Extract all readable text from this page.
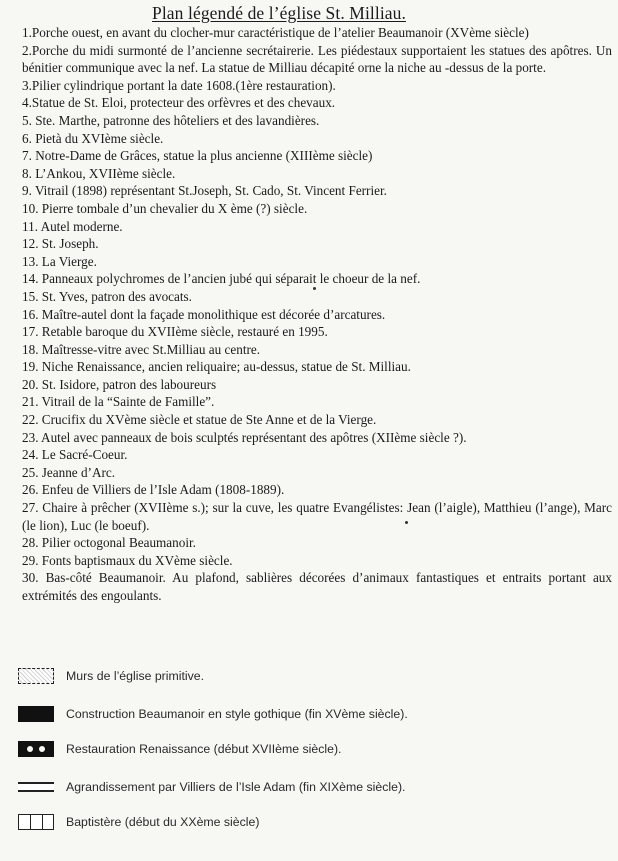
Plan légendé de l’église St. Milliau.
1.Porche ouest, en avant du clocher-mur caractéristique de l’atelier Beaumanoir (XVème siècle)
2.Porche du midi surmonté de l’ancienne secrétairerie. Les piédestaux supportaient les statues des apôtres. Un bénitier communique avec la nef. La statue de Milliau décapité orne la niche au -dessus de la porte.
3.Pilier cylindrique portant la date 1608.(1ère restauration).
4.Statue de St. Eloi, protecteur des orfèvres et des chevaux.
5. Ste. Marthe, patronne des hôteliers et des lavandières.
6. Pietà du XVIème siècle.
7. Notre-Dame de Grâces, statue la plus ancienne (XIIIème siècle)
8. L’Ankou, XVIIème siècle.
9. Vitrail (1898) représentant St.Joseph, St. Cado, St. Vincent Ferrier.
10. Pierre tombale d’un chevalier du X ème (?) siècle.
11. Autel moderne.
12. St. Joseph.
13. La Vierge.
14. Panneaux polychromes de l’ancien jubé qui séparait le choeur de la nef.
15. St. Yves, patron des avocats.
16. Maître-autel dont la façade monolithique est décorée d’arcatures.
17. Retable baroque du XVIIème siècle, restauré en 1995.
18. Maîtresse-vitre avec St.Milliau au centre.
19. Niche Renaissance, ancien reliquaire; au-dessus, statue de St. Milliau.
20. St. Isidore, patron des laboureurs
21. Vitrail de la “Sainte de Famille”.
22. Crucifix du XVème siècle et statue de Ste Anne et de la Vierge.
23. Autel avec panneaux de bois sculptés représentant des apôtres (XIIème siècle ?).
24. Le Sacré-Coeur.
25. Jeanne d’Arc.
26. Enfeu de Villiers de l’Isle Adam (1808-1889).
27. Chaire à prêcher (XVIIème s.); sur la cuve, les quatre Evangélistes: Jean (l’aigle), Matthieu (l’ange), Marc (le lion), Luc (le boeuf).
28. Pilier octogonal Beaumanoir.
29. Fonts baptismaux du XVème siècle.
30. Bas-côté Beaumanoir. Au plafond, sablières décorées d’animaux fantastiques et entraits portant aux extrémités des engoulants.
Murs de l’église primitive.
Construction Beaumanoir en style gothique (fin XVème siècle).
Restauration Renaissance (début XVIIème siècle).
Agrandissement par Villiers de l’Isle Adam (fin XIXème siècle).
Baptistère (début du XXème siècle)
